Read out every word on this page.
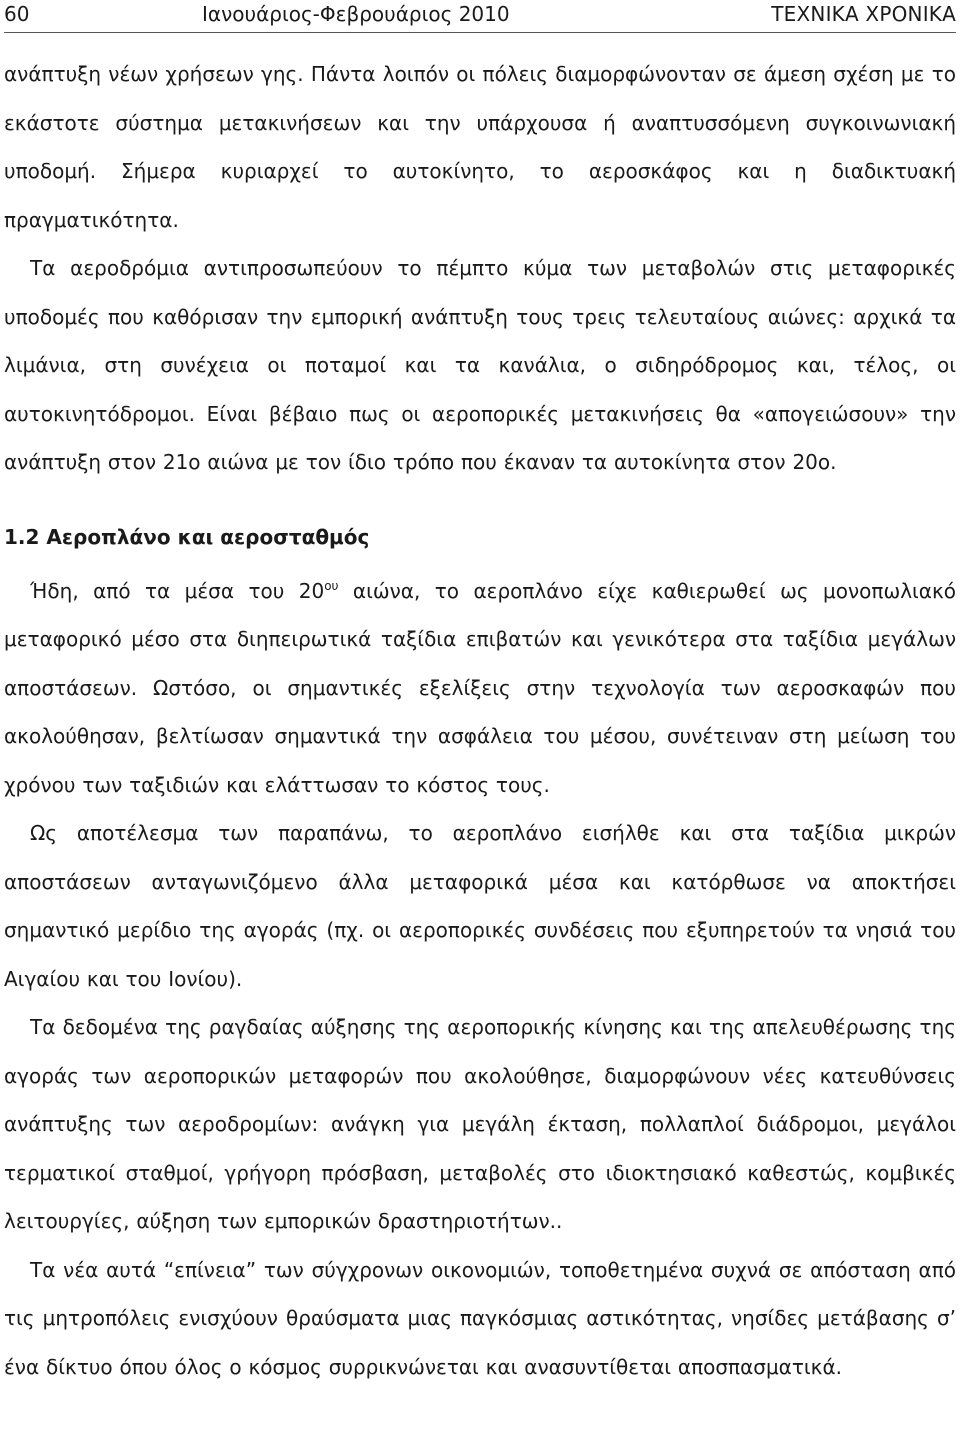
60	Ιανουάριος-Φεβρουάριος 2010	ΤΕΧΝΙΚΑ ΧΡΟΝΙΚΑ

ανάπτυξη νέων χρήσεων γης. Πάντα λοιπόν οι πόλεις διαμορφώνονταν σε άμεση σχέση με το εκάστοτε σύστημα μετακινήσεων και την υπάρχουσα ή αναπτυσσόμενη συγκοινωνιακή υποδομή. Σήμερα κυριαρχεί το αυτοκίνητο, το αεροσκάφος και η διαδικτυακή πραγματικότητα.

Τα αεροδρόμια αντιπροσωπεύουν το πέμπτο κύμα των μεταβολών στις μεταφορικές υποδομές που καθόρισαν την εμπορική ανάπτυξη τους τρεις τελευταίους αιώνες: αρχικά τα λιμάνια, στη συνέχεια οι ποταμοί και τα κανάλια, ο σιδηρόδρομος και, τέλος, οι αυτοκινητόδρομοι. Είναι βέβαιο πως οι αεροπορικές μετακινήσεις θα «απογειώσουν» την ανάπτυξη στον 21ο αιώνα με τον ίδιο τρόπο που έκαναν τα αυτοκίνητα στον 20ο.

1.2 Αεροπλάνο και αεροσταθμός

Ήδη, από τα μέσα του $20^{o\upsilon}$ αιώνα, το αεροπλάνο είχε καθιερωθεί ως μονοπωλιακό μεταφορικό μέσο στα διηπειρωτικά ταξίδια επιβατών και γενικότερα στα ταξίδια μεγάλων αποστάσεων. Ωστόσο, οι σημαντικές εξελίξεις στην τεχνολογία των αεροσκαφών που ακολούθησαν, βελτίωσαν σημαντικά την ασφάλεια του μέσου, συνέτειναν στη μείωση του χρόνου των ταξιδιών και ελάττωσαν το κόστος τους.

Ως αποτέλεσμα των παραπάνω, το αεροπλάνο εισήλθε και στα ταξίδια μικρών αποστάσεων ανταγωνιζόμενο άλλα μεταφορικά μέσα και κατόρθωσε να αποκτήσει σημαντικό μερίδιο της αγοράς (πχ. οι αεροπορικές συνδέσεις που εξυπηρετούν τα νησιά του Αιγαίου και του Ιονίου).

Τα δεδομένα της ραγδαίας αύξησης της αεροπορικής κίνησης και της απελευθέρωσης της αγοράς των αεροπορικών μεταφορών που ακολούθησε, διαμορφώνουν νέες κατευθύνσεις ανάπτυξης των αεροδρομίων: ανάγκη για μεγάλη έκταση, πολλαπλοί διάδρομοι, μεγάλοι τερματικοί σταθμοί, γρήγορη πρόσβαση, μεταβολές στο ιδιοκτησιακό καθεστώς, κομβικές λειτουργίες, αύξηση των εμπορικών δραστηριοτήτων..

Τα νέα αυτά “επίνεια” των σύγχρονων οικονομιών, τοποθετημένα συχνά σε απόσταση από τις μητροπόλεις ενισχύουν θραύσματα μιας παγκόσμιας αστικότητας, νησίδες μετάβασης σ’ ένα δίκτυο όπου όλος ο κόσμος συρρικνώνεται και ανασυντίθεται αποσπασματικά.
